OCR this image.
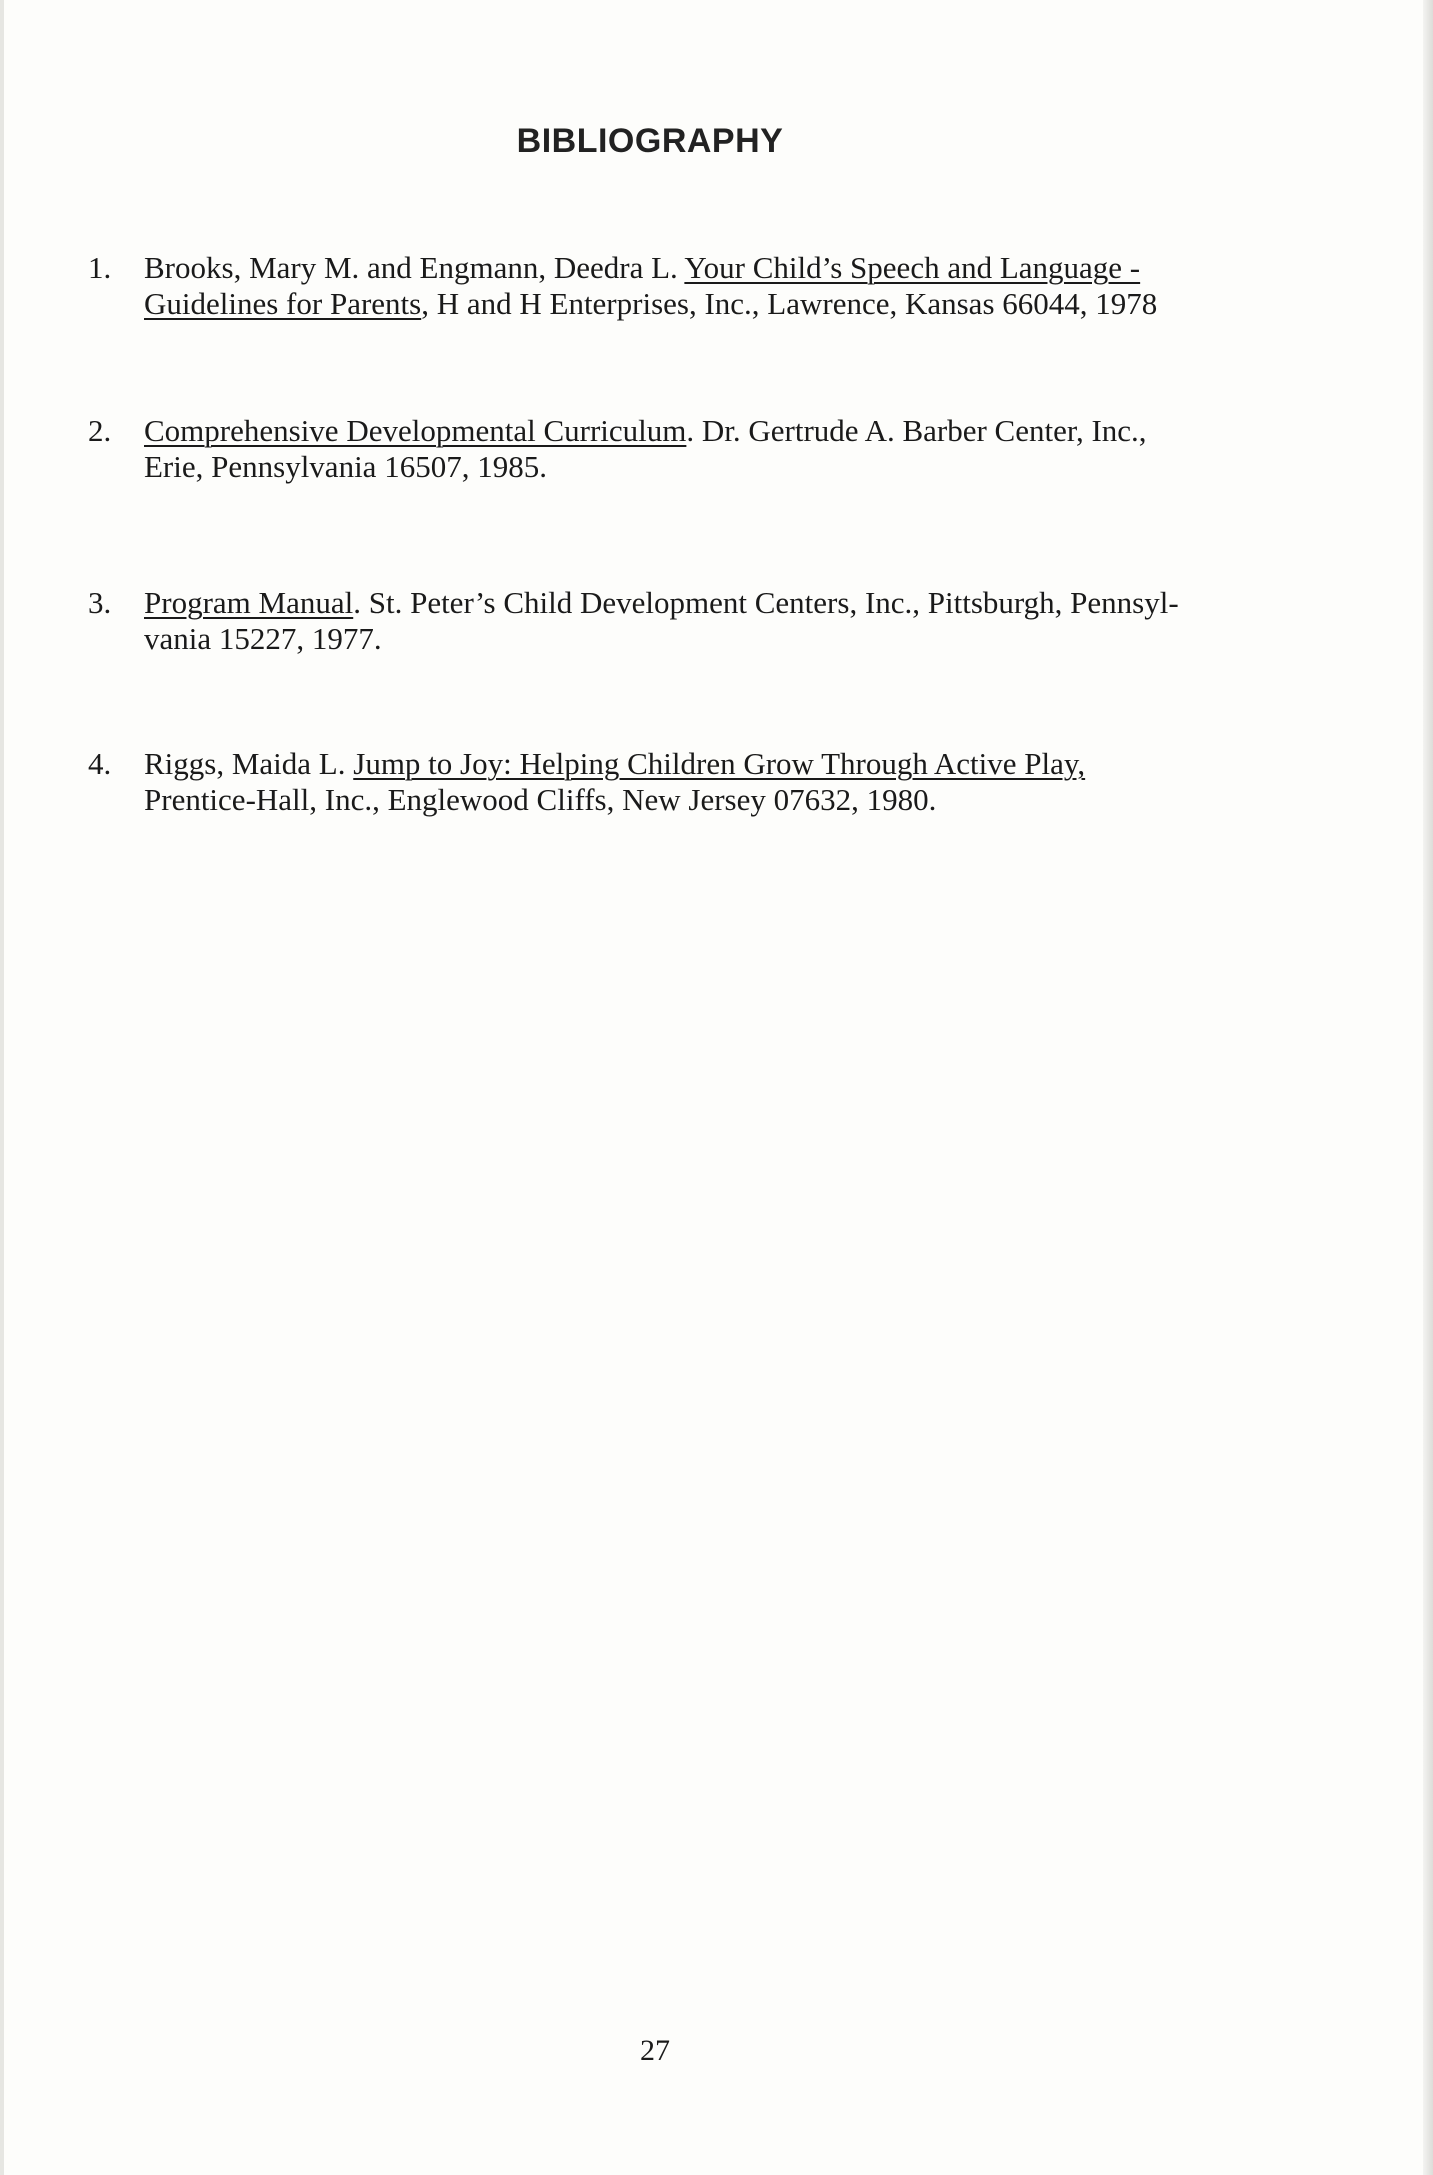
BIBLIOGRAPHY
1.	Brooks, Mary M. and Engmann, Deedra L. Your Child’s Speech and Language -
Guidelines for Parents, H and H Enterprises, Inc., Lawrence, Kansas 66044, 1978
2.	Comprehensive Developmental Curriculum. Dr. Gertrude A. Barber Center, Inc.,
Erie, Pennsylvania 16507, 1985.
3.	Program Manual. St. Peter’s Child Development Centers, Inc., Pittsburgh, Pennsyl-
vania 15227, 1977.
4.	Riggs, Maida L. Jump to Joy: Helping Children Grow Through Active Play,
Prentice-Hall, Inc., Englewood Cliffs, New Jersey 07632, 1980.
27
